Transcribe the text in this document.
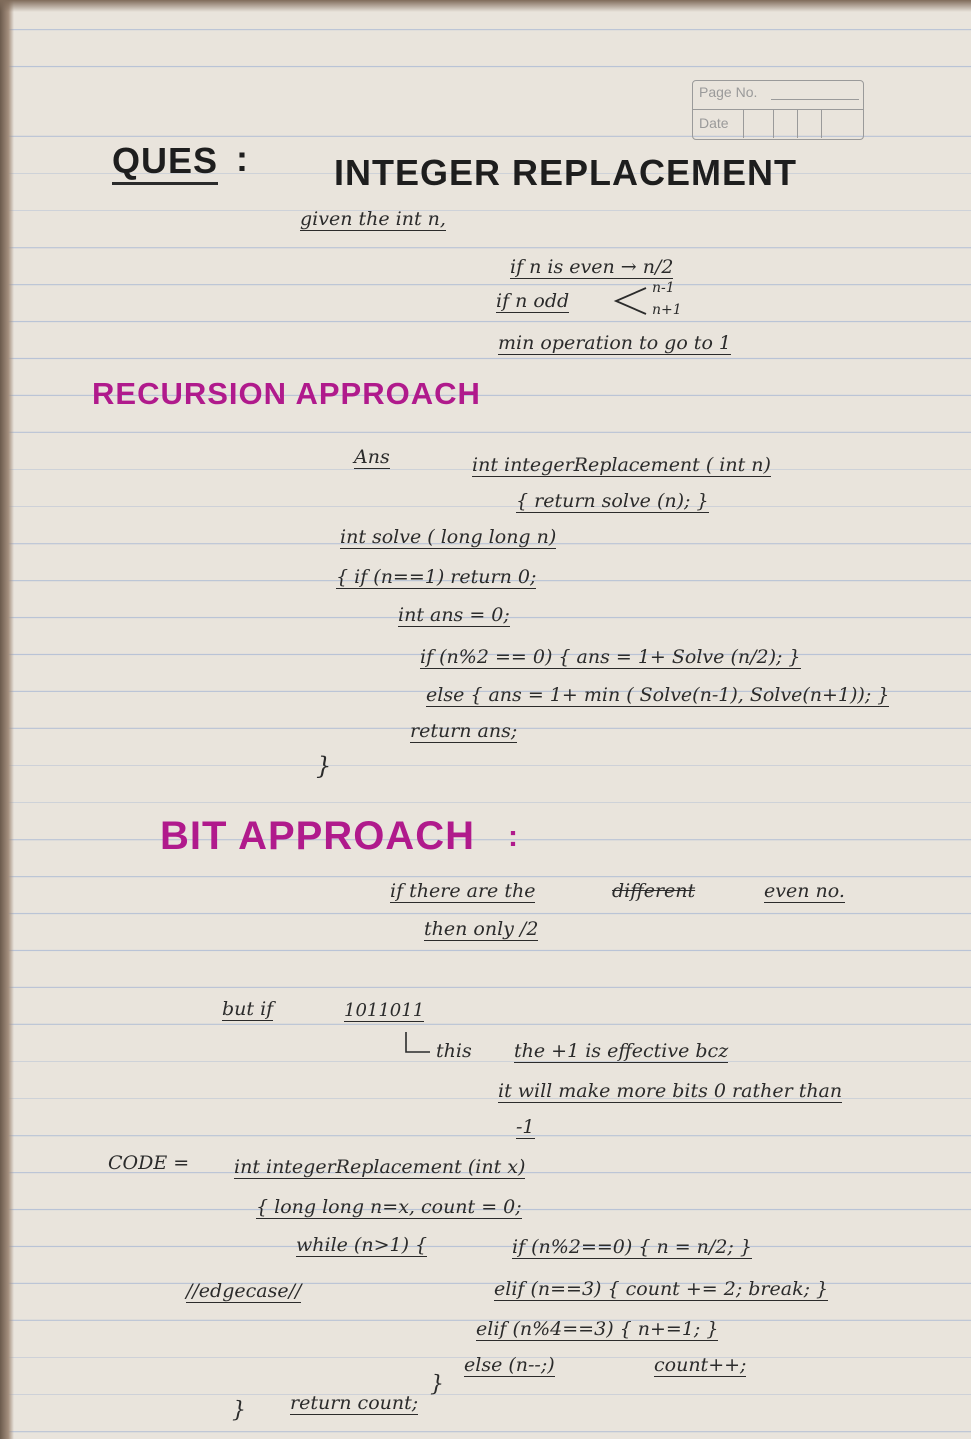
Page No.
Date
QUES : INTEGER REPLACEMENT
given the int n,
if n is even → n/2
if n odd
n-1
n+1
min operation to go to 1
RECURSION APPROACH
Ans	int integerReplacement ( int n)
{ return solve (n); }
int solve ( long long n)
{ if (n==1) return 0;
int ans = 0;
if (n%2 == 0) { ans = 1+ Solve (n/2); }
else { ans = 1+ min ( Solve(n-1), Solve(n+1)); }
return ans;
}
BIT APPROACH :
if there are the	different	even no.
then only /2
but if	1011011
this the +1 is effective bcz
it will make more bits 0 rather than
-1
CODE = int integerReplacement (int x)
{ long long n=x, count = 0;
while (n>1) {	if (n%2==0) { n = n/2; }
//edgecase//	elif (n==3) { count += 2; break; }
elif (n%4==3) { n+=1; }
else (n--;)	count++;
}
return count;
}
